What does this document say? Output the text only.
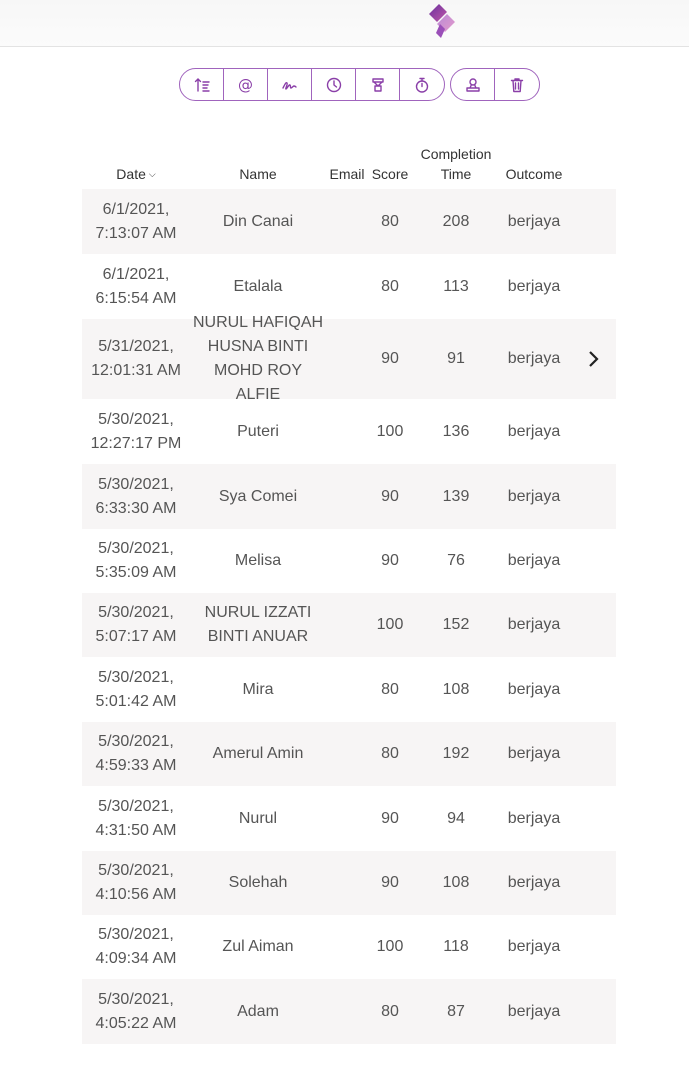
@
Date ⌵	Name	Email Score
Completion
Time	Outcome
6/1/2021,
7:13:07 AM
Din Canai	80	208 berjaya
6/1/2021,
6:15:54 AM
Etalala	80	113 berjaya
5/31/2021,
12:01:31 AM
NURUL HAFIQAH
HUSNA BINTI
MOHD ROY ALFIE
90	91	berjaya
5/30/2021,
12:27:17 PM
Puteri	100 136 berjaya
5/30/2021,
6:33:30 AM
Sya Comei	90	139 berjaya
5/30/2021,
5:35:09 AM
Melisa	90	76	berjaya
5/30/2021,
5:07:17 AM
NURUL IZZATI
BINTI ANUAR
100 152 berjaya
5/30/2021,
5:01:42 AM
Mira	80	108 berjaya
5/30/2021,
4:59:33 AM
Amerul Amin	80	192 berjaya
5/30/2021,
4:31:50 AM
Nurul	90	94	berjaya
5/30/2021,
4:10:56 AM
Solehah	90	108 berjaya
5/30/2021,
4:09:34 AM
Zul Aiman	100 118 berjaya
5/30/2021,
4:05:22 AM
Adam	80	87	berjaya
